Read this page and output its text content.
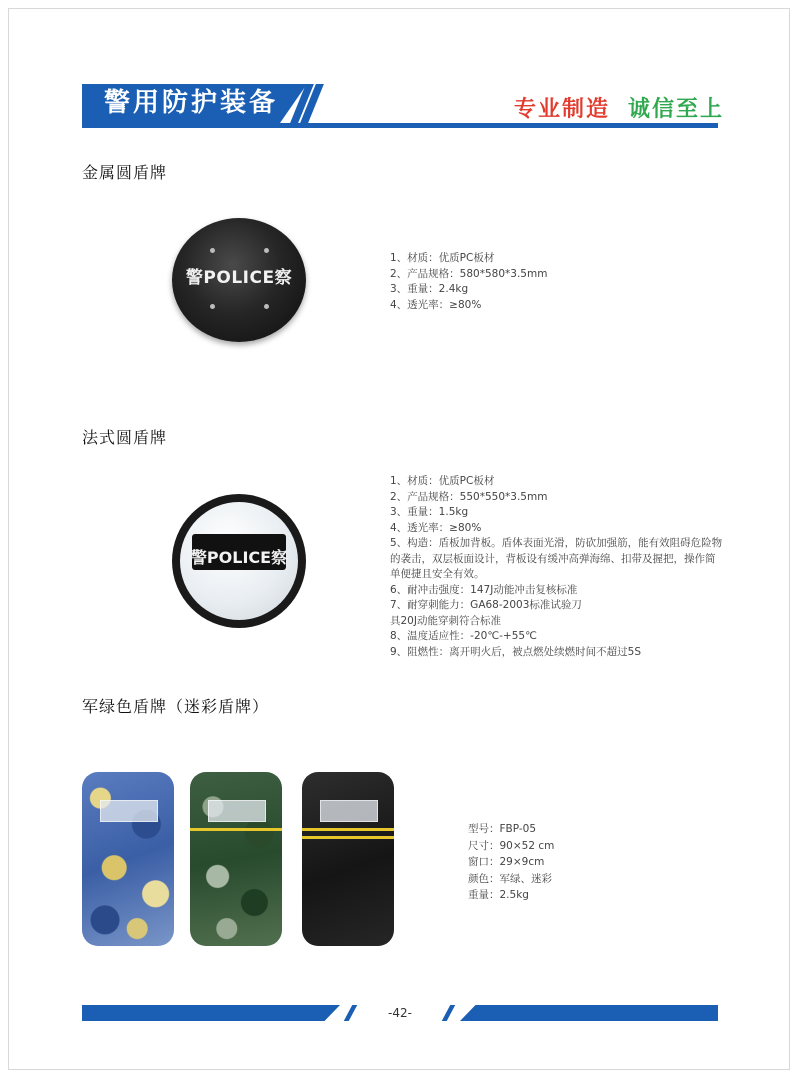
警用防护装备	专业制造 诚信至上
金属圆盾牌
警POLICE察
1、材质：优质PC板材
2、产品规格：580*580*3.5mm
3、重量：2.4kg
4、透光率：≥80%
法式圆盾牌
警POLICE察
1、材质：优质PC板材
2、产品规格：550*550*3.5mm
3、重量：1.5kg
4、透光率：≥80%
5、构造：盾板加背板。盾体表面光滑，防砍加强筋，能有效阻碍危险物
的袭击，双层板面设计，背板设有缓冲高弹海绵、扣带及握把，操作简
单便捷且安全有效。
6、耐冲击强度：147J动能冲击复核标准
7、耐穿刺能力：GA68-2003标准试验刀
具20J动能穿刺符合标准
8、温度适应性：-20℃-+55℃
9、阻燃性：离开明火后，被点燃处续燃时间不超过5S
军绿色盾牌（迷彩盾牌）
型号：FBP-05
尺寸：90×52 cm
窗口：29×9cm
颜色：军绿、迷彩
重量：2.5kg
-42-
